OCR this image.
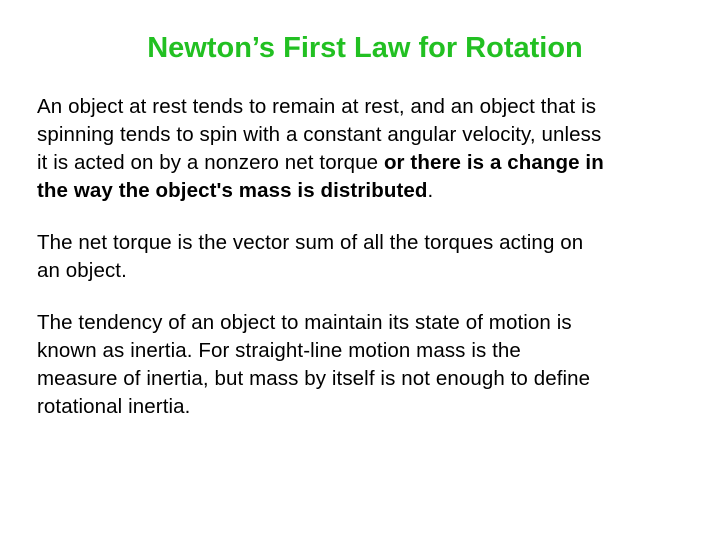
Newton’s First Law for Rotation
An object at rest tends to remain at rest, and an object that is
spinning tends to spin with a constant angular velocity, unless
it is acted on by a nonzero net torque or there is a change in
the way the object's mass is distributed.
The net torque is the vector sum of all the torques acting on
an object.
The tendency of an object to maintain its state of motion is
known as inertia. For straight-line motion mass is the
measure of inertia, but mass by itself is not enough to define
rotational inertia.
